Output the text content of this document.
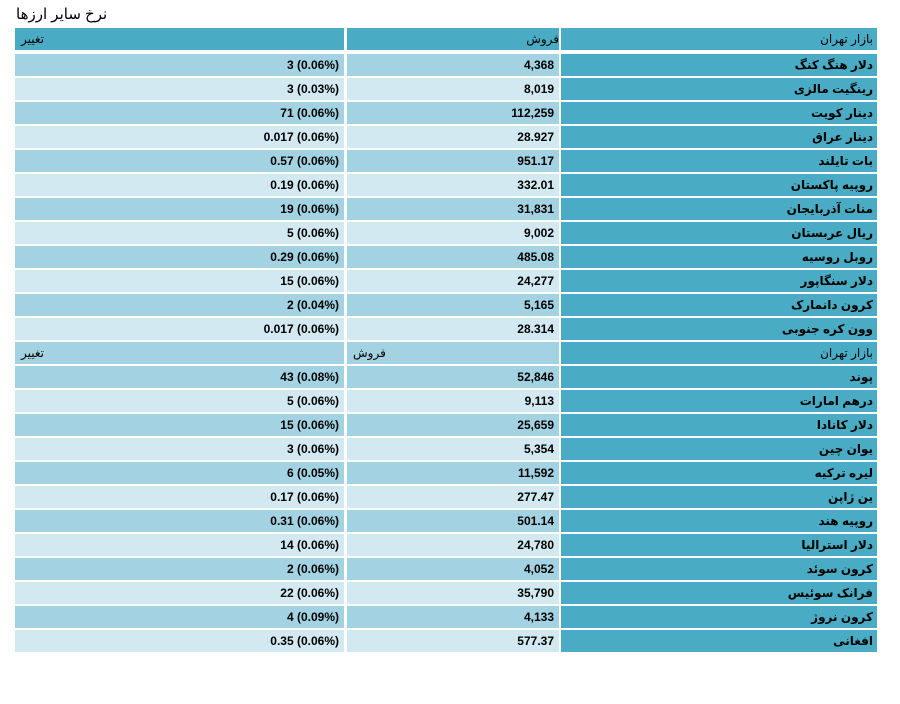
نرخ سایر ارزها
تغییر	فروش	بازار تهران
3 (0.06%)	4,368	دلار هنگ کنگ
3 (0.03%)	8,019	رینگیت مالزی
71 (0.06%)	112,259	دینار کویت
0.017 (0.06%)	28.927	دینار عراق
0.57 (0.06%)	951.17	بات تایلند
0.19 (0.06%)	332.01	روپیه پاکستان
19 (0.06%)	31,831	منات آذربایجان
5 (0.06%)	9,002	ریال عربستان
0.29 (0.06%)	485.08	روبل روسیه
15 (0.06%)	24,277	دلار سنگاپور
2 (0.04%)	5,165	کرون دانمارک
0.017 (0.06%)	28.314	وون کره جنوبی
تغییر	فروش	بازار تهران
43 (0.08%)	52,846	پوند
5 (0.06%)	9,113	درهم امارات
15 (0.06%)	25,659	دلار کانادا
3 (0.06%)	5,354	یوان چین
6 (0.05%)	11,592	لیره ترکیه
0.17 (0.06%)	277.47	ین ژاپن
0.31 (0.06%)	501.14	روپیه هند
14 (0.06%)	24,780	دلار استرالیا
2 (0.06%)	4,052	کرون سوئد
22 (0.06%)	35,790	فرانک سوئیس
4 (0.09%)	4,133	کرون نروژ
0.35 (0.06%)	577.37	افغانی
